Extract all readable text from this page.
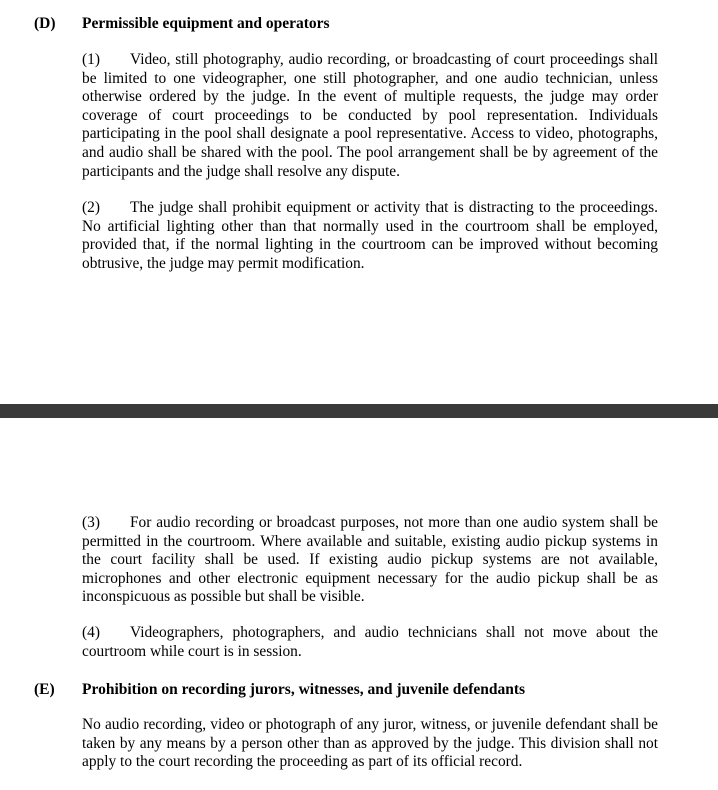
(D) Permissible equipment and operators
(1) Video, still photography, audio recording, or broadcasting of court proceedings shall be limited to one videographer, one still photographer, and one audio technician, unless otherwise ordered by the judge. In the event of multiple requests, the judge may order coverage of court proceedings to be conducted by pool representation. Individuals participating in the pool shall designate a pool representative. Access to video, photographs, and audio shall be shared with the pool. The pool arrangement shall be by agreement of the participants and the judge shall resolve any dispute.
(2) The judge shall prohibit equipment or activity that is distracting to the proceedings. No artificial lighting other than that normally used in the courtroom shall be employed, provided that, if the normal lighting in the courtroom can be improved without becoming obtrusive, the judge may permit modification.
(3) For audio recording or broadcast purposes, not more than one audio system shall be permitted in the courtroom. Where available and suitable, existing audio pickup systems in the court facility shall be used. If existing audio pickup systems are not available, microphones and other electronic equipment necessary for the audio pickup shall be as inconspicuous as possible but shall be visible.
(4) Videographers, photographers, and audio technicians shall not move about the courtroom while court is in session.
(E) Prohibition on recording jurors, witnesses, and juvenile defendants
No audio recording, video or photograph of any juror, witness, or juvenile defendant shall be taken by any means by a person other than as approved by the judge. This division shall not apply to the court recording the proceeding as part of its official record.
